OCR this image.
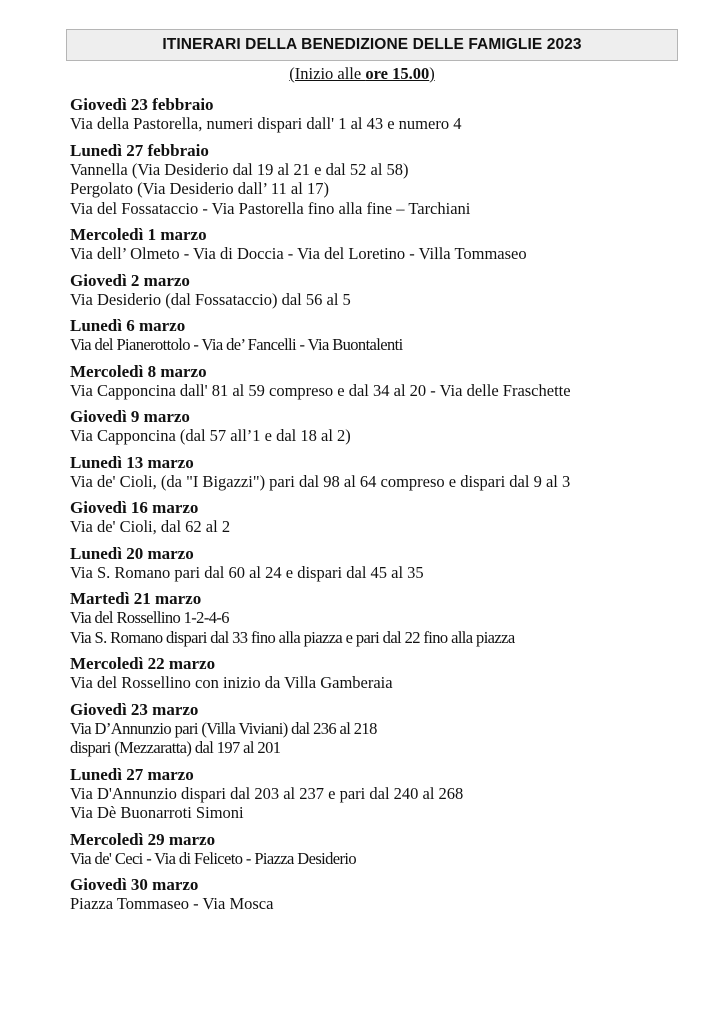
ITINERARI DELLA BENEDIZIONE DELLE FAMIGLIE 2023
(Inizio alle ore 15.00)
Giovedì 23 febbraio
Via della Pastorella, numeri dispari dall' 1 al 43 e numero 4
Lunedì 27 febbraio
Vannella (Via Desiderio dal 19 al 21 e dal 52 al 58)
Pergolato (Via Desiderio dall’ 11 al 17)
Via del Fossataccio - Via Pastorella fino alla fine – Tarchiani
Mercoledì 1 marzo
Via dell’ Olmeto - Via di Doccia - Via del Loretino - Villa Tommaseo
Giovedì 2 marzo
Via Desiderio (dal Fossataccio) dal 56 al 5
Lunedì 6 marzo
Via del Pianerottolo - Via de’ Fancelli - Via Buontalenti
Mercoledì 8 marzo
Via Capponcina dall' 81 al 59 compreso e dal 34 al 20 - Via delle Fraschette
Giovedì 9 marzo
Via Capponcina (dal 57 all’1 e dal 18 al 2)
Lunedì 13 marzo
Via de' Cioli, (da "I Bigazzi") pari dal 98 al 64 compreso e dispari dal 9 al 3
Giovedì 16 marzo
Via de' Cioli, dal 62 al 2
Lunedì 20 marzo
Via S. Romano pari dal 60 al 24 e dispari dal 45 al 35
Martedì 21 marzo
Via del Rossellino 1-2-4-6
Via S. Romano dispari dal 33 fino alla piazza e pari dal 22 fino alla piazza
Mercoledì 22 marzo
Via del Rossellino con inizio da Villa Gamberaia
Giovedì 23 marzo
Via D’Annunzio pari (Villa Viviani) dal 236 al 218
dispari (Mezzaratta) dal 197 al 201
Lunedì 27 marzo
Via D'Annunzio dispari dal 203 al 237 e pari dal 240 al 268
Via Dè Buonarroti Simoni
Mercoledì 29 marzo
Via de' Ceci - Via di Feliceto - Piazza Desiderio
Giovedì 30 marzo
Piazza Tommaseo - Via Mosca
